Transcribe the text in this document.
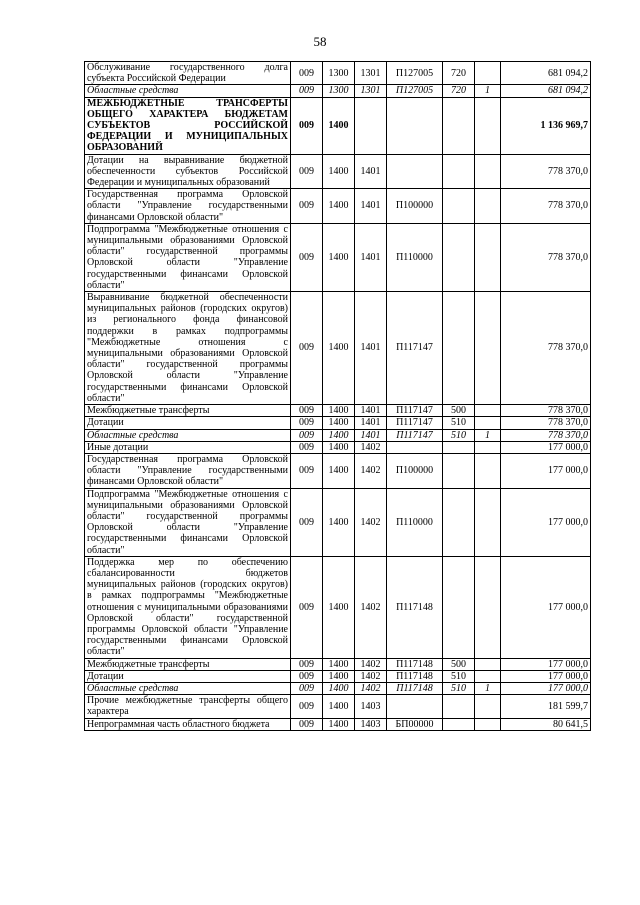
58
Обслуживание государственного долга субъекта Российской Федерации	009	1300	1301	П127005	720		681 094,2
Областные средства	009	1300	1301	П127005	720	1	681 094,2
МЕЖБЮДЖЕТНЫЕ ТРАНСФЕРТЫ ОБЩЕГО ХАРАКТЕРА БЮДЖЕТАМ СУБЪЕКТОВ РОССИЙСКОЙ ФЕДЕРАЦИИ И МУНИЦИПАЛЬНЫХ ОБРАЗОВАНИЙ	009	1400					1 136 969,7
Дотации на выравнивание бюджетной обеспеченности субъектов Российской Федерации и муниципальных образований	009	1400	1401				778 370,0
Государственная программа Орловской области "Управление государственными финансами Орловской области"	009	1400	1401	П100000			778 370,0
Подпрограмма "Межбюджетные отношения с муниципальными образованиями Орловской области" государственной программы Орловской области "Управление государственными финансами Орловской области"	009	1400	1401	П110000			778 370,0
Выравнивание бюджетной обеспеченности муниципальных районов (городских округов) из регионального фонда финансовой поддержки в рамках подпрограммы "Межбюджетные отношения с муниципальными образованиями Орловской области" государственной программы Орловской области "Управление государственными финансами Орловской области"	009	1400	1401	П117147			778 370,0
Межбюджетные трансферты	009	1400	1401	П117147	500		778 370,0
Дотации	009	1400	1401	П117147	510		778 370,0
Областные средства	009	1400	1401	П117147	510	1	778 370,0
Иные дотации	009	1400	1402				177 000,0
Государственная программа Орловской области "Управление государственными финансами Орловской области"	009	1400	1402	П100000			177 000,0
Подпрограмма "Межбюджетные отношения с муниципальными образованиями Орловской области" государственной программы Орловской области "Управление государственными финансами Орловской области"	009	1400	1402	П110000			177 000,0
Поддержка мер по обеспечению сбалансированности бюджетов муниципальных районов (городских округов) в рамках подпрограммы "Межбюджетные отношения с муниципальными образованиями Орловской области" государственной программы Орловской области "Управление государственными финансами Орловской области"	009	1400	1402	П117148			177 000,0
Межбюджетные трансферты	009	1400	1402	П117148	500		177 000,0
Дотации	009	1400	1402	П117148	510		177 000,0
Областные средства	009	1400	1402	П117148	510	1	177 000,0
Прочие межбюджетные трансферты общего характера	009	1400	1403				181 599,7
Непрограммная часть областного бюджета	009	1400	1403	БП00000			80 641,5
